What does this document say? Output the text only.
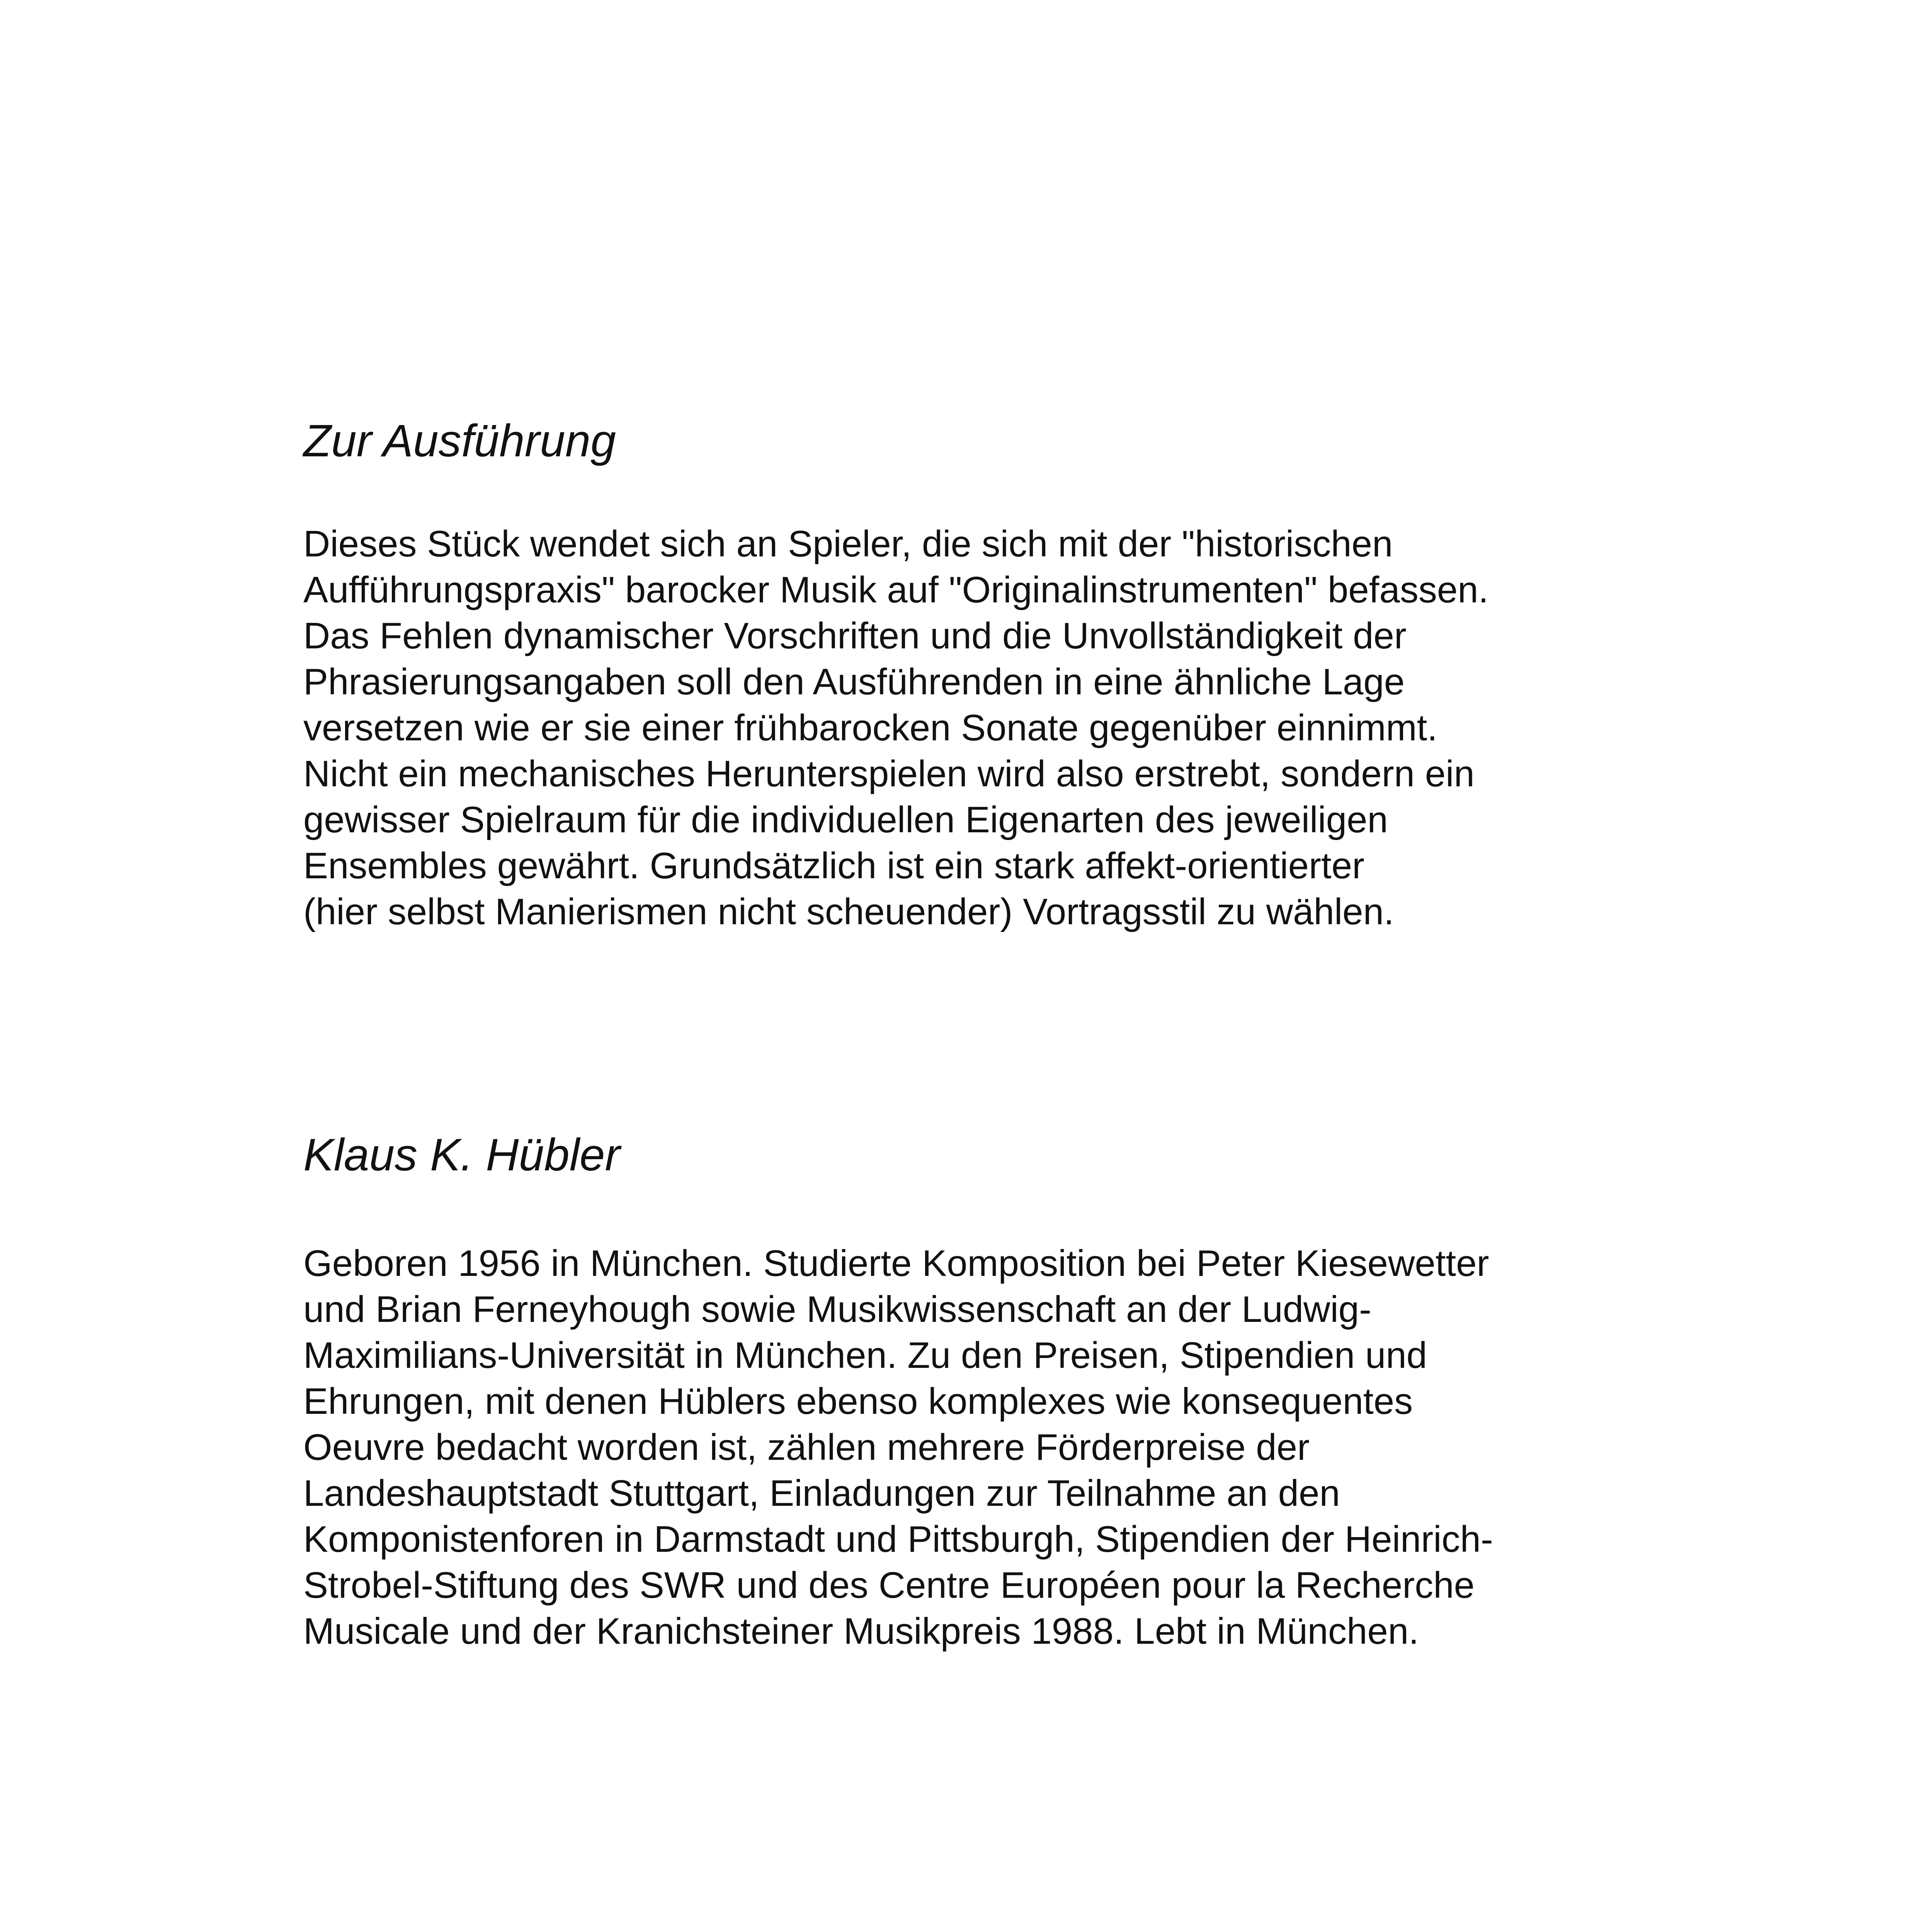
Zur Ausführung

Dieses Stück wendet sich an Spieler, die sich mit der "historischen
Aufführungspraxis" barocker Musik auf "Originalinstrumenten" befassen.
Das Fehlen dynamischer Vorschriften und die Unvollständigkeit der
Phrasierungsangaben soll den Ausführenden in eine ähnliche Lage
versetzen wie er sie einer frühbarocken Sonate gegenüber einnimmt.
Nicht ein mechanisches Herunterspielen wird also erstrebt, sondern ein
gewisser Spielraum für die individuellen Eigenarten des jeweiligen
Ensembles gewährt. Grundsätzlich ist ein stark affekt-orientierter
(hier selbst Manierismen nicht scheuender) Vortragsstil zu wählen.

Klaus K. Hübler

Geboren 1956 in München. Studierte Komposition bei Peter Kiesewetter
und Brian Ferneyhough sowie Musikwissenschaft an der Ludwig-
Maximilians-Universität in München. Zu den Preisen, Stipendien und
Ehrungen, mit denen Hüblers ebenso komplexes wie konsequentes
Oeuvre bedacht worden ist, zählen mehrere Förderpreise der
Landeshauptstadt Stuttgart, Einladungen zur Teilnahme an den
Komponistenforen in Darmstadt und Pittsburgh, Stipendien der Heinrich-
Strobel-Stiftung des SWR und des Centre Européen pour la Recherche
Musicale und der Kranichsteiner Musikpreis 1988. Lebt in München.
